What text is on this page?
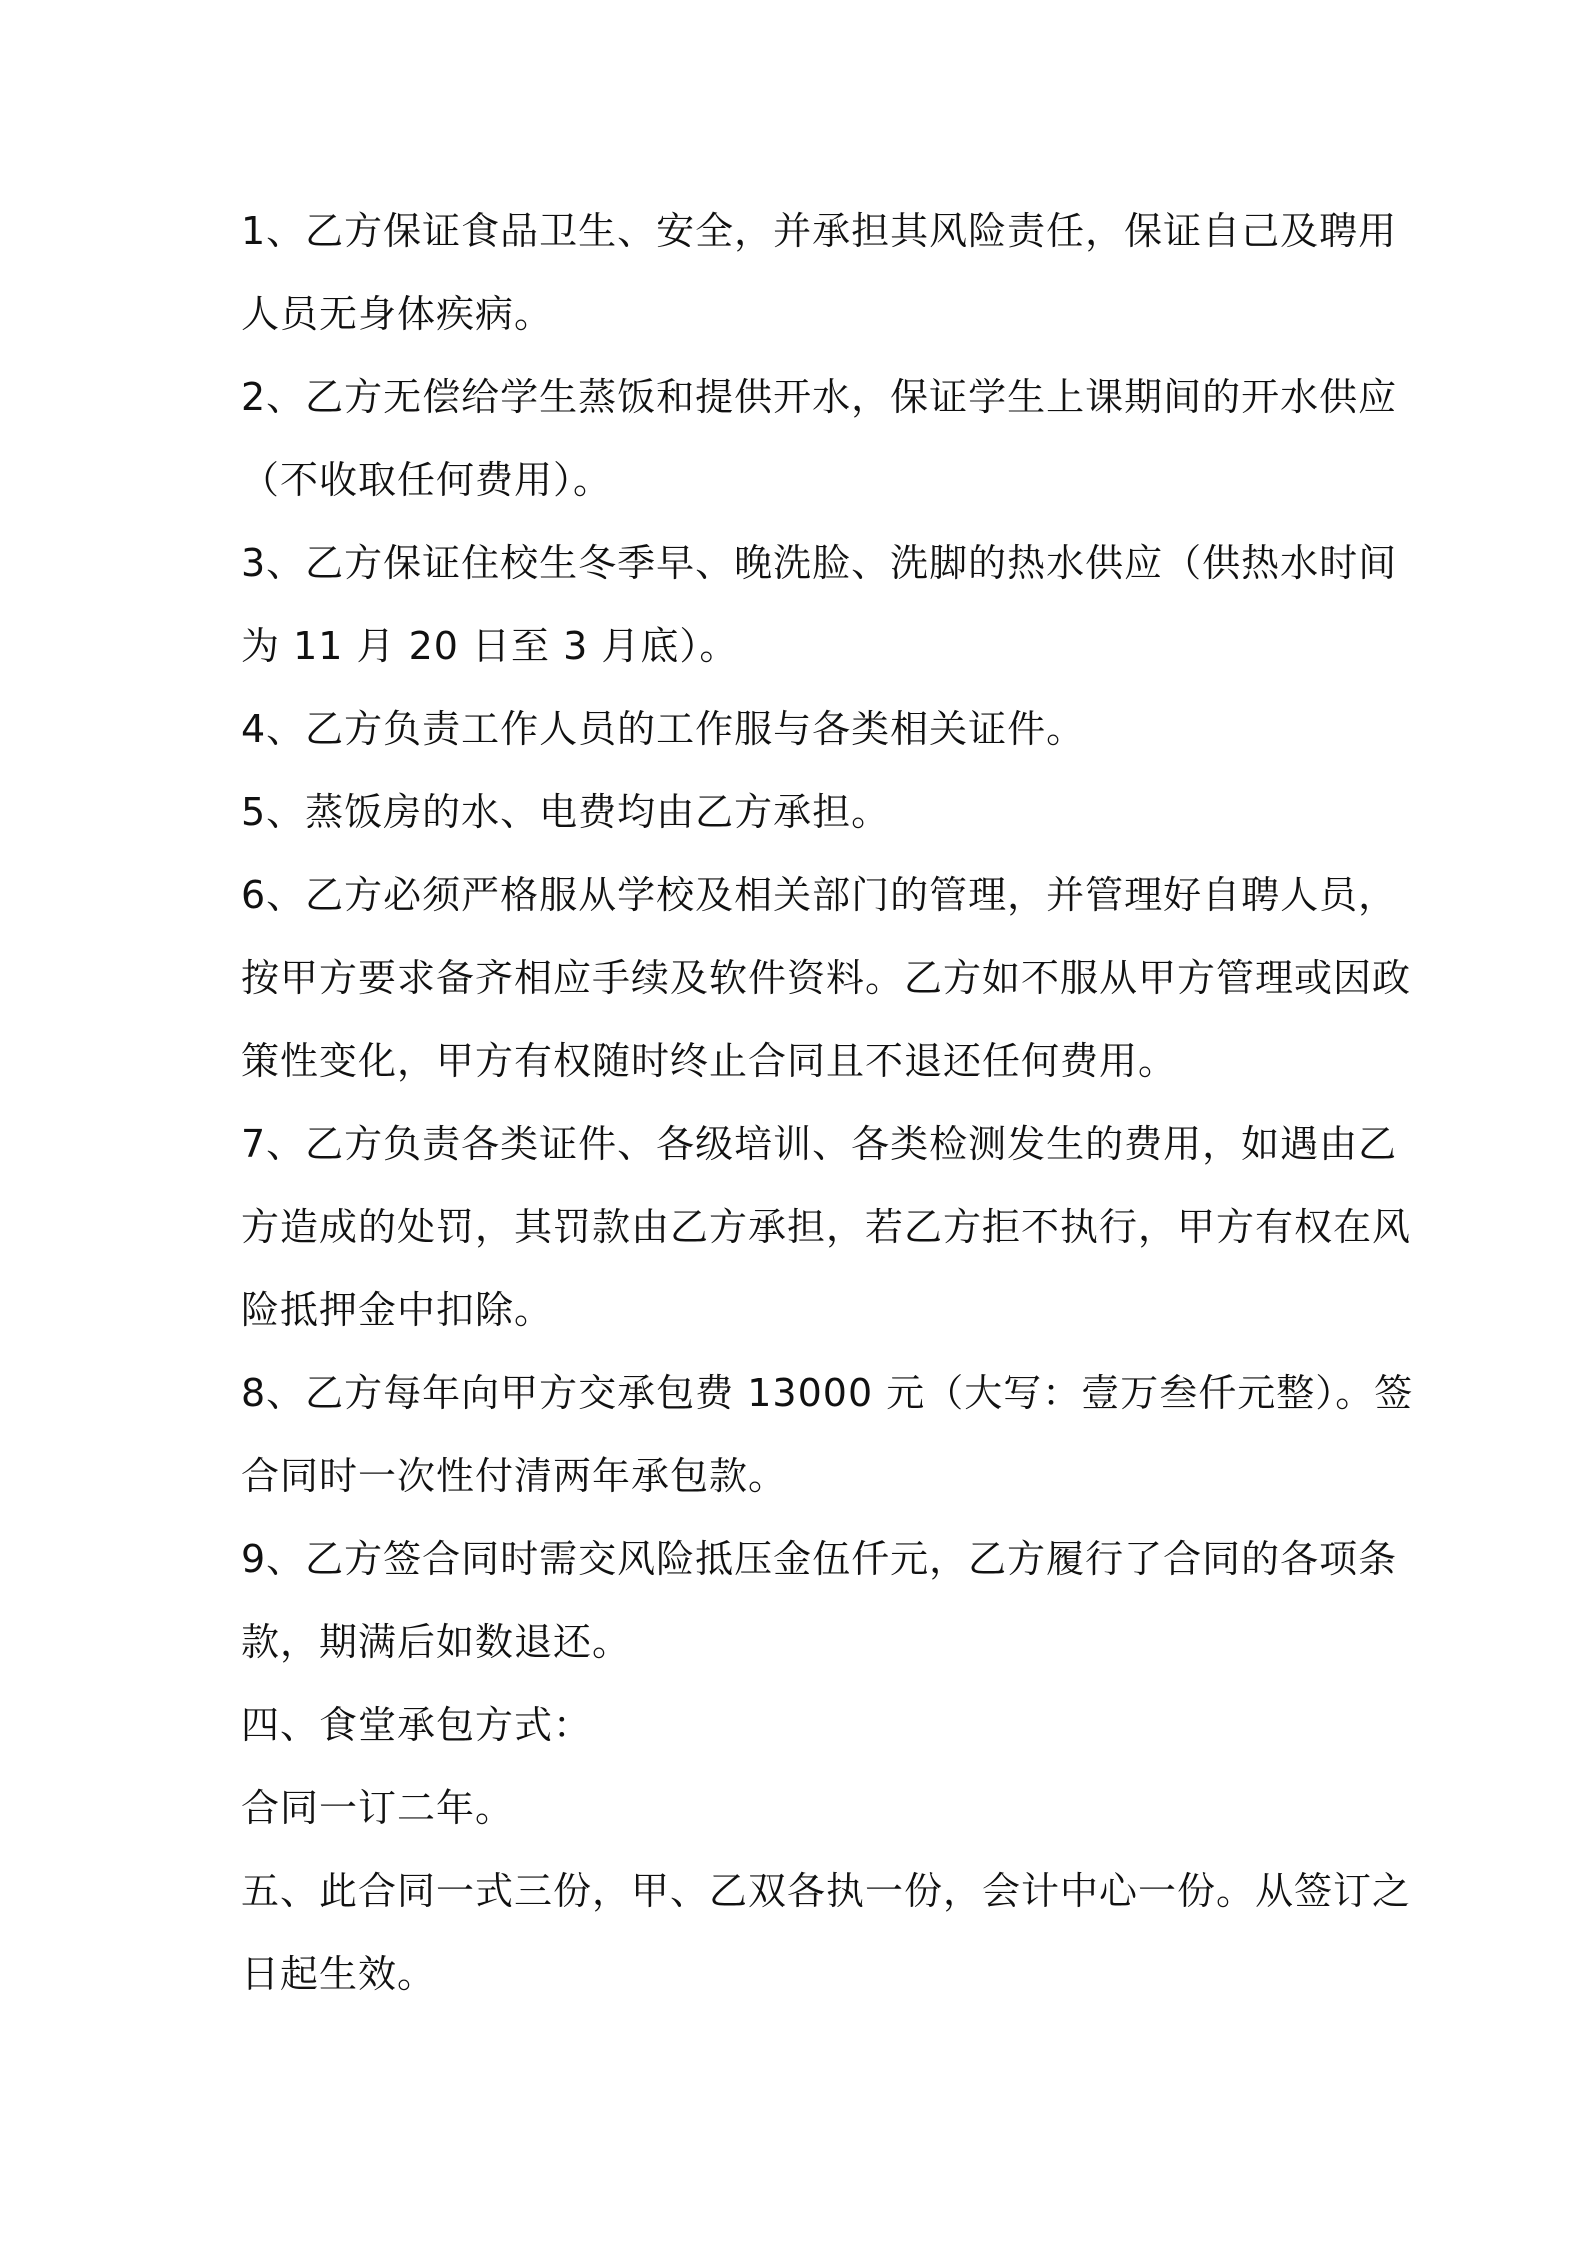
1、乙方保证食品卫生、安全，并承担其风险责任，保证自己及聘用
人员无身体疾病。

2、乙方无偿给学生蒸饭和提供开水，保证学生上课期间的开水供应
（不收取任何费用）。

3、乙方保证住校生冬季早、晚洗脸、洗脚的热水供应（供热水时间
为 11 月 20 日至 3 月底）。

4、乙方负责工作人员的工作服与各类相关证件。

5、蒸饭房的水、电费均由乙方承担。

6、乙方必须严格服从学校及相关部门的管理，并管理好自聘人员，
按甲方要求备齐相应手续及软件资料。乙方如不服从甲方管理或因政
策性变化，甲方有权随时终止合同且不退还任何费用。

7、乙方负责各类证件、各级培训、各类检测发生的费用，如遇由乙
方造成的处罚，其罚款由乙方承担，若乙方拒不执行，甲方有权在风
险抵押金中扣除。

8、乙方每年向甲方交承包费 13000 元（大写：壹万叁仟元整）。签
合同时一次性付清两年承包款。

9、乙方签合同时需交风险抵压金伍仟元，乙方履行了合同的各项条
款，期满后如数退还。

四、食堂承包方式：

合同一订二年。

五、此合同一式三份，甲、乙双各执一份，会计中心一份。从签订之
日起生效。
